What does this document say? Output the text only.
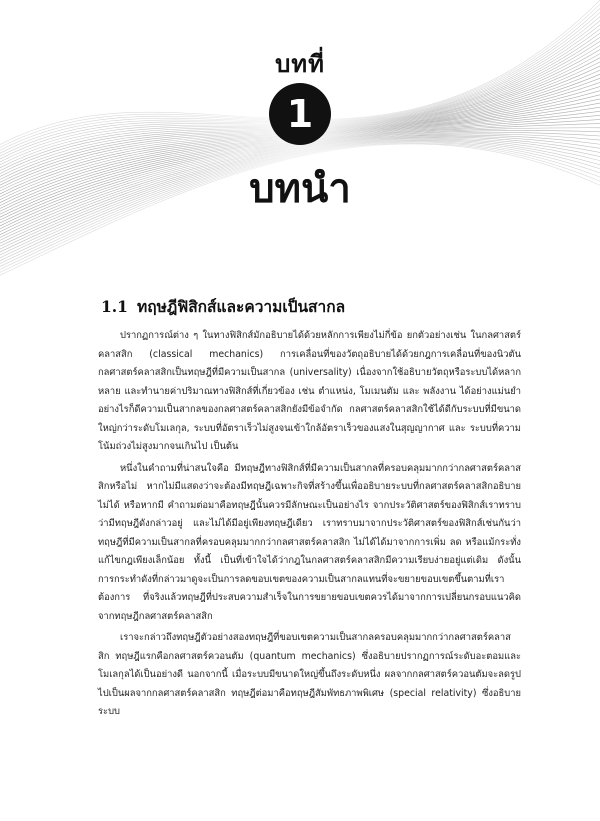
บทที่
1
บทนำ
1.1 ทฤษฎีฟิสิกส์และความเป็นสากล

ปรากฏการณ์ต่าง ๆ ในทางฟิสิกส์มักอธิบายได้ด้วยหลักการเพียงไม่กี่ข้อ ยกตัวอย่างเช่น ในกลศาสตร์คลาสสิก (classical mechanics) การเคลื่อนที่ของวัตถุอธิบายได้ด้วยกฎการเคลื่อนที่ของนิวตัน กลศาสตร์คลาสสิกเป็นทฤษฎีที่มีความเป็นสากล (universality) เนื่องจากใช้อธิบายวัตถุหรือระบบได้หลากหลาย และทำนายค่าปริมาณทางฟิสิกส์ที่เกี่ยวข้อง เช่น ตำแหน่ง, โมเมนตัม และ พลังงาน ได้อย่างแม่นยำ อย่างไรก็ดีความเป็นสากลของกลศาสตร์คลาสสิกยังมีข้อจำกัด กลศาสตร์คลาสสิกใช้ได้ดีกับระบบที่มีขนาดใหญ่กว่าระดับโมเลกุล, ระบบที่อัตราเร็วไม่สูงจนเข้าใกล้อัตราเร็วของแสงในสุญญากาศ และ ระบบที่ความโน้มถ่วงไม่สูงมากจนเกินไป เป็นต้น

หนึ่งในคำถามที่น่าสนใจคือ มีทฤษฎีทางฟิสิกส์ที่มีความเป็นสากลที่ครอบคลุมมากกว่ากลศาสตร์คลาสสิกหรือไม่ หากไม่มีแสดงว่าจะต้องมีทฤษฎีเฉพาะกิจที่สร้างขึ้นเพื่ออธิบายระบบที่กลศาสตร์คลาสสิกอธิบายไม่ได้ หรือหากมี คำถามต่อมาคือทฤษฎีนั้นควรมีลักษณะเป็นอย่างไร จากประวัติศาสตร์ของฟิสิกส์เราทราบว่ามีทฤษฎีดังกล่าวอยู่ และไม่ได้มีอยู่เพียงทฤษฎีเดียว เราทราบมาจากประวัติศาสตร์ของฟิสิกส์เช่นกันว่าทฤษฎีที่มีความเป็นสากลที่ครอบคลุมมากกว่ากลศาสตร์คลาสสิก ไม่ได้ได้มาจากการเพิ่ม ลด หรือแม้กระทั่งแก้ไขกฎเพียงเล็กน้อย ทั้งนี้ เป็นที่เข้าใจได้ว่ากฎในกลศาสตร์คลาสสิกมีความเรียบง่ายอยู่แต่เดิม ดังนั้น การกระทำดังที่กล่าวมาดูจะเป็นการลดขอบเขตของความเป็นสากลแทนที่จะขยายขอบเขตขึ้นตามที่เราต้องการ ที่จริงแล้วทฤษฎีที่ประสบความสำเร็จในการขยายขอบเขตควรได้มาจากการเปลี่ยนกรอบแนวคิดจากทฤษฎีกลศาสตร์คลาสสิก

เราจะกล่าวถึงทฤษฎีตัวอย่างสองทฤษฎีที่ขอบเขตความเป็นสากลครอบคลุมมากกว่ากลศาสตร์คลาสสิก ทฤษฎีแรกคือกลศาสตร์ควอนตัม (quantum mechanics) ซึ่งอธิบายปรากฏการณ์ระดับอะตอมและโมเลกุลได้เป็นอย่างดี นอกจากนี้ เมื่อระบบมีขนาดใหญ่ขึ้นถึงระดับหนึ่ง ผลจากกลศาสตร์ควอนตัมจะลดรูปไปเป็นผลจากกลศาสตร์คลาสสิก ทฤษฎีต่อมาคือทฤษฎีสัมพัทธภาพพิเศษ (special relativity) ซึ่งอธิบายระบบ
